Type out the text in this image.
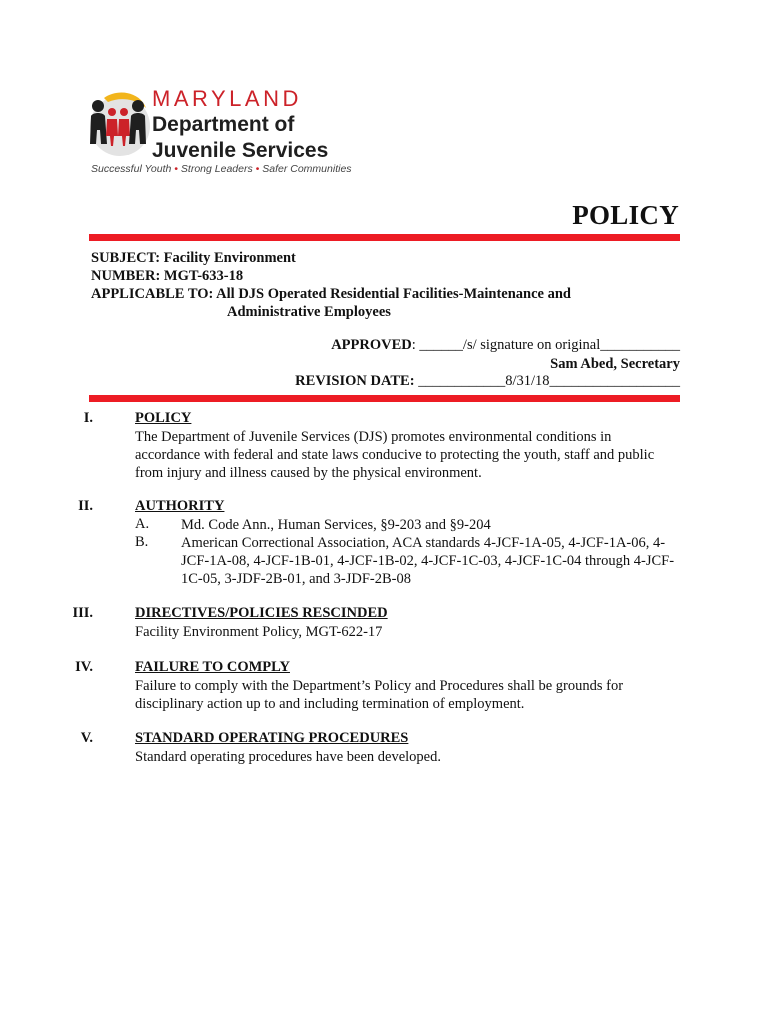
MARYLAND
Department of
Juvenile Services
Successful Youth • Strong Leaders • Safer Communities
POLICY
SUBJECT: Facility Environment
NUMBER: MGT-633-18
APPLICABLE TO: All DJS Operated Residential Facilities-Maintenance and
Administrative Employees
APPROVED: ______/s/ signature on original___________
Sam Abed, Secretary
REVISION DATE: ____________8/31/18__________________
I.	POLICY
The Department of Juvenile Services (DJS) promotes environmental conditions in accordance with federal and state laws conducive to protecting the youth, staff and public from injury and illness caused by the physical environment.
II.	AUTHORITY
A. Md. Code Ann., Human Services, §9-203 and §9-204
B. American Correctional Association, ACA standards 4-JCF-1A-05, 4-JCF-1A-06, 4-JCF-1A-08, 4-JCF-1B-01, 4-JCF-1B-02, 4-JCF-1C-03, 4-JCF-1C-04 through 4-JCF-1C-05, 3-JDF-2B-01, and 3-JDF-2B-08
III.	DIRECTIVES/POLICIES RESCINDED
Facility Environment Policy, MGT-622-17
IV.	FAILURE TO COMPLY
Failure to comply with the Department’s Policy and Procedures shall be grounds for disciplinary action up to and including termination of employment.
V.	STANDARD OPERATING PROCEDURES
Standard operating procedures have been developed.
